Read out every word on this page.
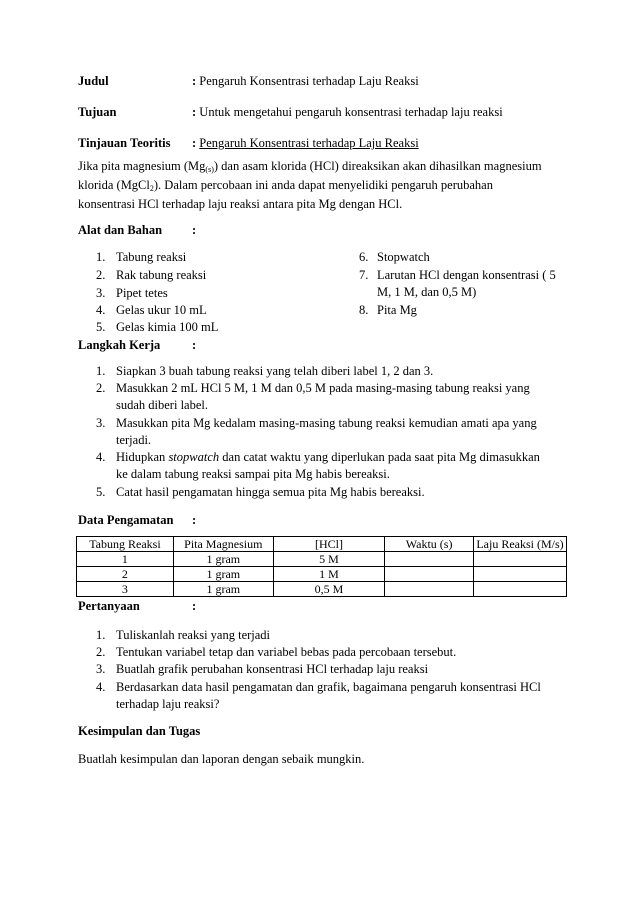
Judul	: Pengaruh Konsentrasi terhadap Laju Reaksi
Tujuan	: Untuk mengetahui pengaruh konsentrasi terhadap laju reaksi
Tinjauan Teoritis : Pengaruh Konsentrasi terhadap Laju Reaksi
Jika pita magnesium $(Mg_{(s)})$ dan asam klorida (HCl) direaksikan akan dihasilkan magnesium
klorida (MgCl$_2$). Dalam percobaan ini anda dapat menyelidiki pengaruh perubahan
konsentrasi HCl terhadap laju reaksi antara pita Mg dengan HCl.
Alat dan Bahan :
1. Tabung reaksi
2. Rak tabung reaksi
3. Pipet tetes
4. Gelas ukur 10 mL
5. Gelas kimia 100 mL
6. Stopwatch
7. Larutan HCl dengan konsentrasi ( 5
M, 1 M, dan 0,5 M)
8. Pita Mg
Langkah Kerja	:
1. Siapkan 3 buah tabung reaksi yang telah diberi label 1, 2 dan 3.
2. Masukkan 2 mL HCl 5 M, 1 M dan 0,5 M pada masing-masing tabung reaksi yang
sudah diberi label.
3. Masukkan pita Mg kedalam masing-masing tabung reaksi kemudian amati apa yang
terjadi.
4. Hidupkan stopwatch dan catat waktu yang diperlukan pada saat pita Mg dimasukkan
ke dalam tabung reaksi sampai pita Mg habis bereaksi.
5. Catat hasil pengamatan hingga semua pita Mg habis bereaksi.
Data Pengamatan :
Tabung Reaksi	Pita Magnesium	[HCl]	Waktu (s)	Laju Reaksi (M/s)
1	1 gram	5 M		
2	1 gram	1 M		
3	1 gram	0,5 M		
Pertanyaan	:
1. Tuliskanlah reaksi yang terjadi
2. Tentukan variabel tetap dan variabel bebas pada percobaan tersebut.
3. Buatlah grafik perubahan konsentrasi HCl terhadap laju reaksi
4. Berdasarkan data hasil pengamatan dan grafik, bagaimana pengaruh konsentrasi HCl
terhadap laju reaksi?
Kesimpulan dan Tugas
Buatlah kesimpulan dan laporan dengan sebaik mungkin.
